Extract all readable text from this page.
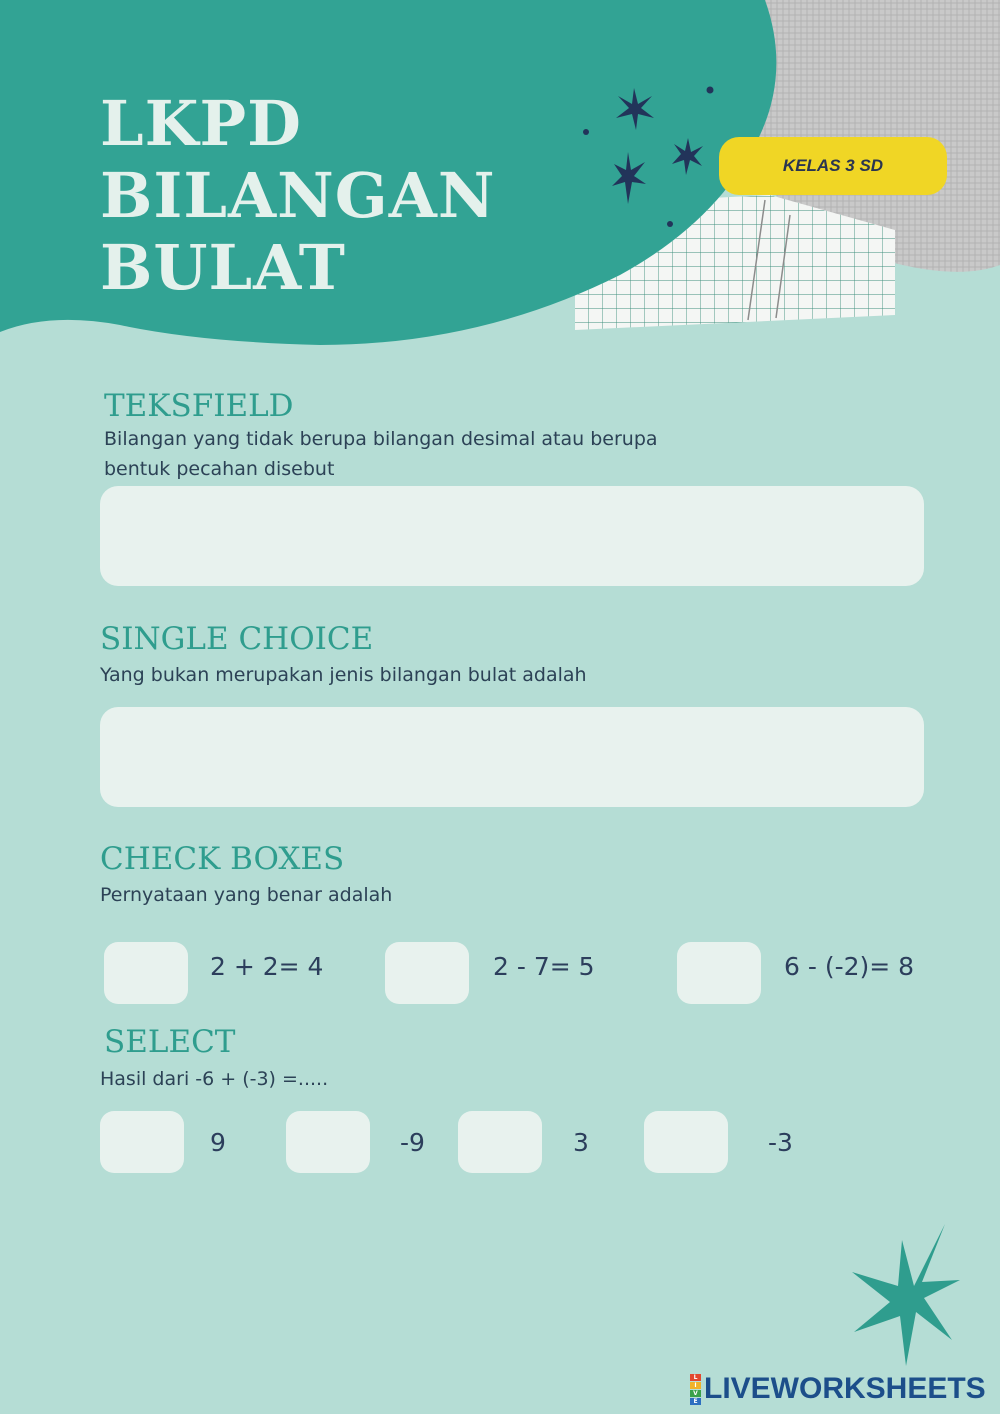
LKPD
BILANGAN
BULAT
KELAS 3 SD
TEKSFIELD
Bilangan yang tidak berupa bilangan desimal atau berupa
bentuk pecahan disebut
SINGLE CHOICE
Yang bukan merupakan jenis bilangan bulat adalah
CHECK BOXES
Pernyataan yang benar adalah
2 + 2= 4	2 - 7= 5	6 - (-2)= 8
SELECT
Hasil dari -6 + (-3) =.....
9	-9	3	-3
L
I
V
E LIVEWORKSHEETS
